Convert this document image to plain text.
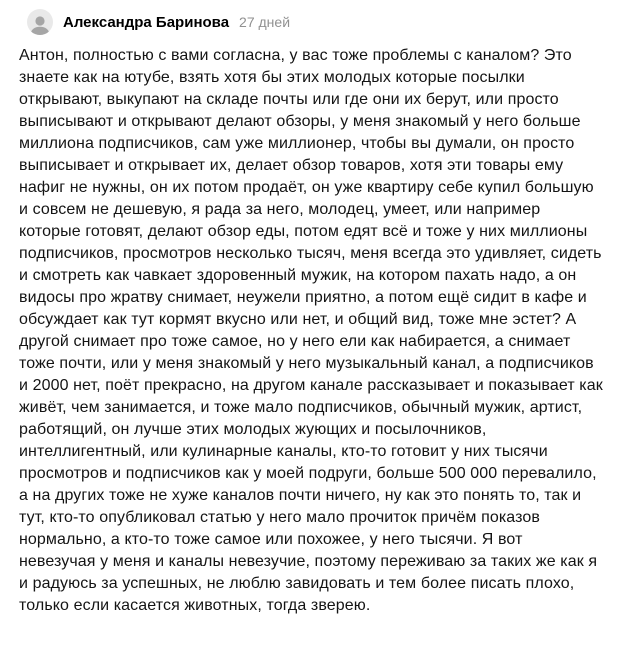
Александра Баринова 27 дней
Антон, полностью с вами согласна, у вас тоже проблемы с каналом? Это знаете как на ютубе, взять хотя бы этих молодых которые посылки открывают, выкупают на складе почты или где они их берут, или просто выписывают и открывают делают обзоры, у меня знакомый у него больше миллиона подписчиков, сам уже миллионер, чтобы вы думали, он просто выписывает и открывает их, делает обзор товаров, хотя эти товары ему нафиг не нужны, он их потом продаёт, он уже квартиру себе купил большую и совсем не дешевую, я рада за него, молодец, умеет, или например которые готовят, делают обзор еды, потом едят всё и тоже у них миллионы подписчиков, просмотров несколько тысяч, меня всегда это удивляет, сидеть и смотреть как чавкает здоровенный мужик, на котором пахать надо, а он видосы про жратву снимает, неужели приятно, а потом ещё сидит в кафе и обсуждает как тут кормят вкусно или нет, и общий вид, тоже мне эстет? А другой снимает про тоже самое, но у него ели как набирается, а снимает тоже почти, или у меня знакомый у него музыкальный канал, а подписчиков и 2000 нет, поёт прекрасно, на другом канале рассказывает и показывает как живёт, чем занимается, и тоже мало подписчиков, обычный мужик, артист, работящий, он лучше этих молодых жующих и посылочников, интеллигентный, или кулинарные каналы, кто-то готовит у них тысячи просмотров и подписчиков как у моей подруги, больше 500 000 перевалило, а на других тоже не хуже каналов почти ничего, ну как это понять то, так и тут, кто-то опубликовал статью у него мало прочиток причём показов нормально, а кто-то тоже самое или похожее, у него тысячи. Я вот невезучая у меня и каналы невезучие, поэтому переживаю за таких же как я и радуюсь за успешных, не люблю завидовать и тем более писать плохо, только если касается животных, тогда зверею.
